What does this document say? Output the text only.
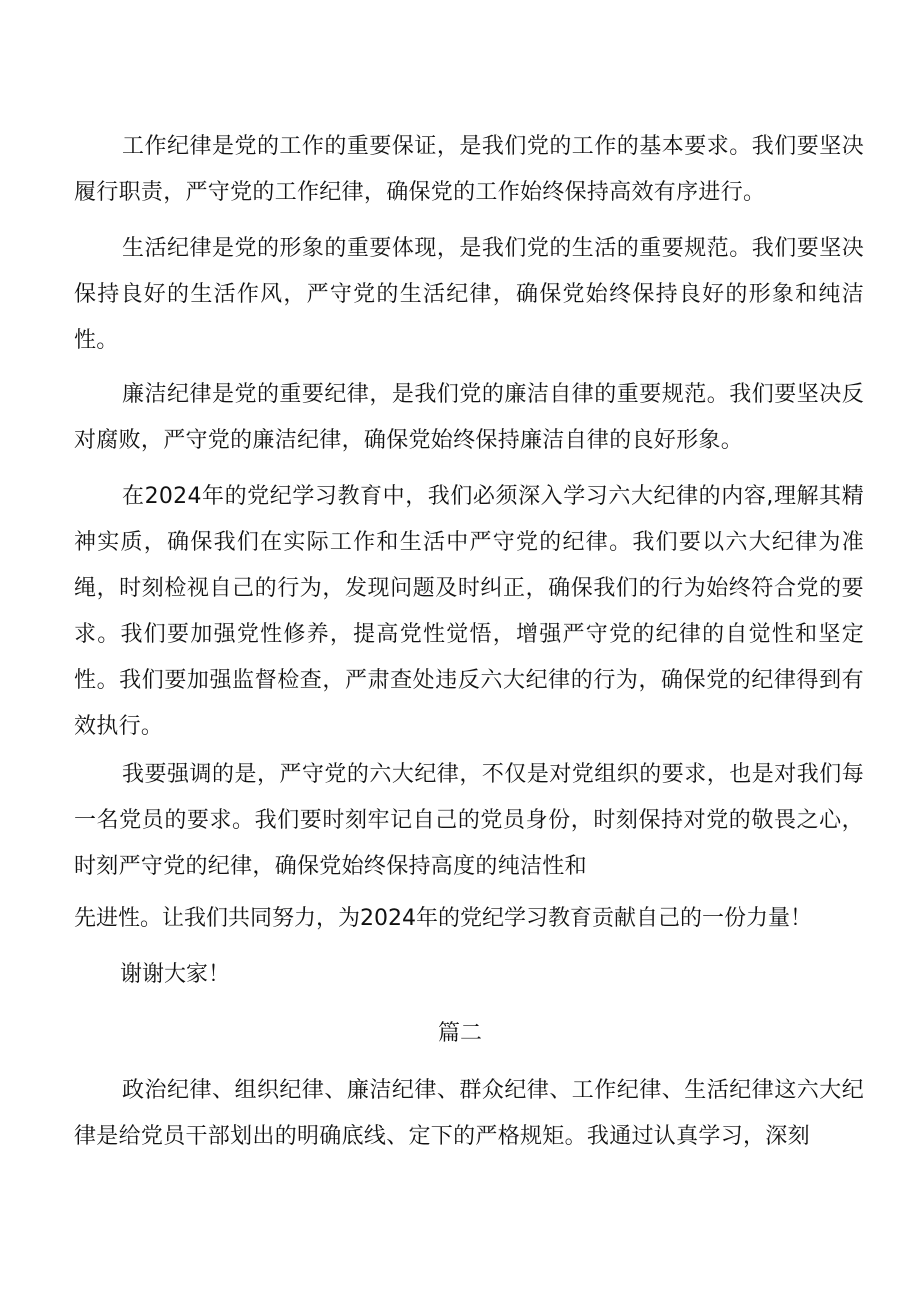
工作纪律是党的工作的重要保证，是我们党的工作的基本要求。我们要坚决履行职责，严守党的工作纪律，确保党的工作始终保持高效有序进行。

生活纪律是党的形象的重要体现，是我们党的生活的重要规范。我们要坚决保持良好的生活作风，严守党的生活纪律，确保党始终保持良好的形象和纯洁性。

廉洁纪律是党的重要纪律，是我们党的廉洁自律的重要规范。我们要坚决反对腐败，严守党的廉洁纪律，确保党始终保持廉洁自律的良好形象。

在2024年的党纪学习教育中，我们必须深入学习六大纪律的内容,理解其精神实质，确保我们在实际工作和生活中严守党的纪律。我们要以六大纪律为准绳，时刻检视自己的行为，发现问题及时纠正，确保我们的行为始终符合党的要求。我们要加强党性修养，提高党性觉悟，增强严守党的纪律的自觉性和坚定性。我们要加强监督检查，严肃查处违反六大纪律的行为，确保党的纪律得到有效执行。

我要强调的是，严守党的六大纪律，不仅是对党组织的要求，也是对我们每一名党员的要求。我们要时刻牢记自己的党员身份，时刻保持对党的敬畏之心，时刻严守党的纪律，确保党始终保持高度的纯洁性和

先进性。让我们共同努力，为2024年的党纪学习教育贡献自己的一份力量！

谢谢大家！

篇二

政治纪律、组织纪律、廉洁纪律、群众纪律、工作纪律、生活纪律这六大纪律是给党员干部划出的明确底线、定下的严格规矩。我通过认真学习，深刻
